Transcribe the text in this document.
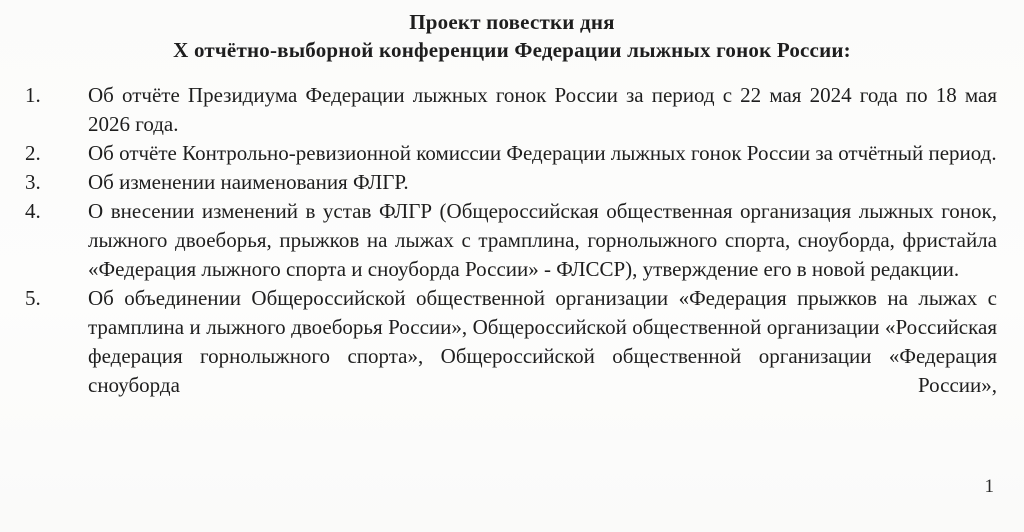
Проект повестки дня
X отчётно-выборной конференции Федерации лыжных гонок России:
1.	Об отчёте Президиума Федерации лыжных гонок России за период с 22 мая 2024 года по 18 мая 2026 года.
2.	Об отчёте Контрольно-ревизионной комиссии Федерации лыжных гонок России за отчётный период.
3.	Об изменении наименования ФЛГР.
4.	О внесении изменений в устав ФЛГР (Общероссийская общественная организация лыжных гонок, лыжного двоеборья, прыжков на лыжах с трамплина, горнолыжного спорта, сноуборда, фристайла «Федерация лыжного спорта и сноуборда России» - ФЛССР), утверждение его в новой редакции.
5.	Об объединении Общероссийской общественной организации «Федерация прыжков на лыжах с трамплина и лыжного двоеборья России», Общероссийской общественной организации «Российская федерация горнолыжного спорта», Общероссийской общественной организации «Федерация сноуборда России»,
1
